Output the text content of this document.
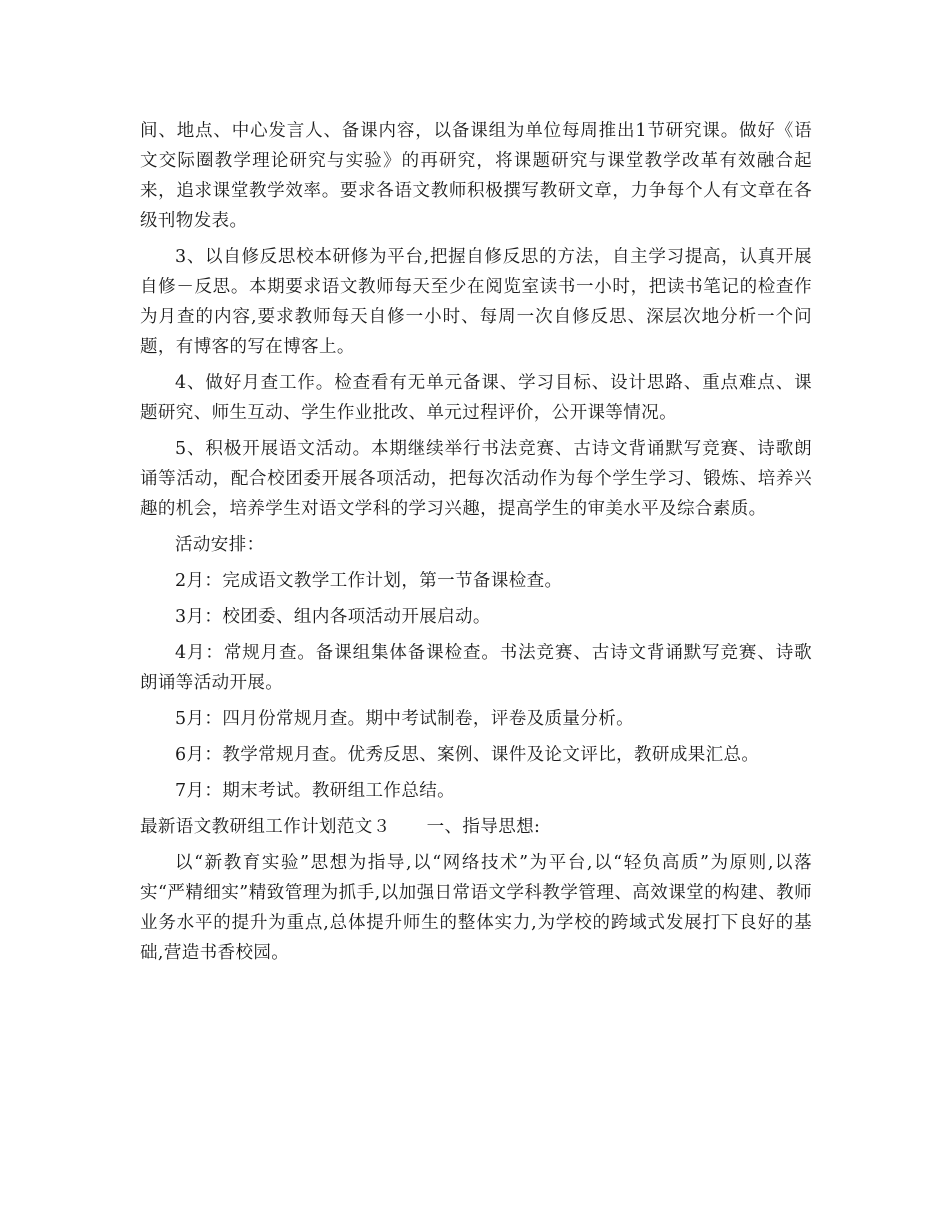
间、地点、中心发言人、备课内容，以备课组为单位每周推出1节研究课。做好《语文交际圈教学理论研究与实验》的再研究，将课题研究与课堂教学改革有效融合起来，追求课堂教学效率。要求各语文教师积极撰写教研文章，力争每个人有文章在各级刊物发表。

3、以自修反思校本研修为平台,把握自修反思的方法，自主学习提高，认真开展自修－反思。本期要求语文教师每天至少在阅览室读书一小时，把读书笔记的检查作为月查的内容,要求教师每天自修一小时、每周一次自修反思、深层次地分析一个问题，有博客的写在博客上。

4、做好月查工作。检查看有无单元备课、学习目标、设计思路、重点难点、课题研究、师生互动、学生作业批改、单元过程评价，公开课等情况。

5、积极开展语文活动。本期继续举行书法竞赛、古诗文背诵默写竞赛、诗歌朗诵等活动，配合校团委开展各项活动，把每次活动作为每个学生学习、锻炼、培养兴趣的机会，培养学生对语文学科的学习兴趣，提高学生的审美水平及综合素质。

活动安排：

2月：完成语文教学工作计划，第一节备课检查。

3月：校团委、组内各项活动开展启动。

4月：常规月查。备课组集体备课检查。书法竞赛、古诗文背诵默写竞赛、诗歌朗诵等活动开展。

5月：四月份常规月查。期中考试制卷，评卷及质量分析。

6月：教学常规月查。优秀反思、案例、课件及论文评比，教研成果汇总。

7月：期末考试。教研组工作总结。

最新语文教研组工作计划范文３ 一、指导思想:

以“新教育实验”思想为指导,以“网络技术”为平台,以“轻负高质”为原则,以落实“严精细实”精致管理为抓手,以加强日常语文学科教学管理、高效课堂的构建、教师业务水平的提升为重点,总体提升师生的整体实力,为学校的跨域式发展打下良好的基础,营造书香校园。
